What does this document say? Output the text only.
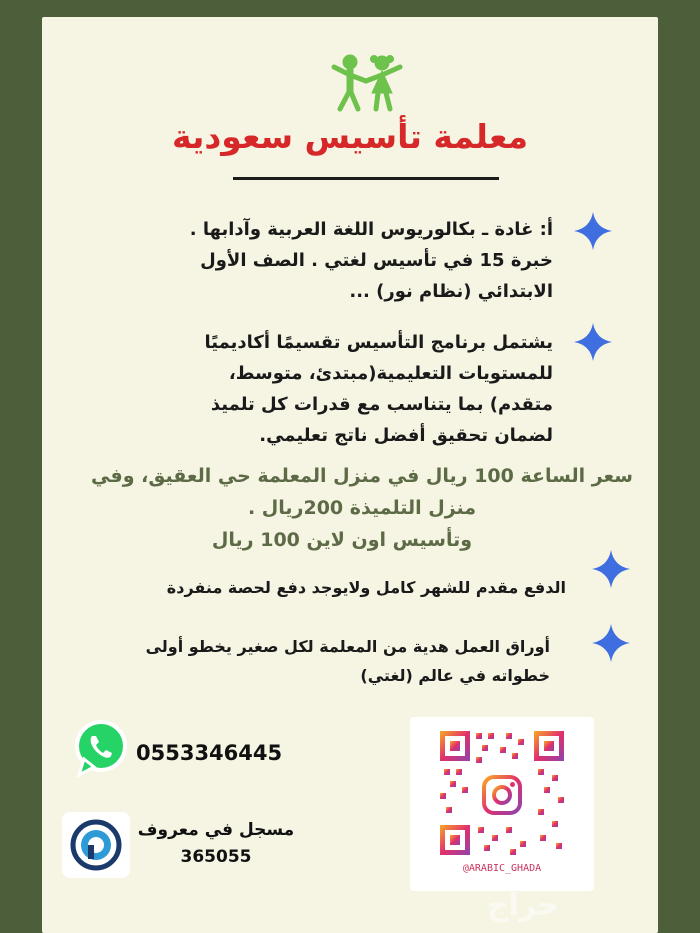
معلمة تأسيس سعودية
أ: غادة ـ بكالوريوس اللغة العربية وآدابها .
خبرة 15 في تأسيس لغتي . الصف الأول
الابتدائي (نظام نور) ...
يشتمل برنامج التأسيس تقسيمًا أكاديميًا
للمستويات التعليمية(مبتدئ، متوسط،
متقدم) بما يتناسب مع قدرات كل تلميذ
لضمان تحقيق أفضل ناتج تعليمي.
سعر الساعة 100 ريال في منزل المعلمة حي العقيق، وفي
منزل التلميذة 200ريال .
وتأسيس اون لاين 100 ريال
الدفع مقدم للشهر كامل ولايوجد دفع لحصة منفردة
أوراق العمل هدية من المعلمة لكل صغير يخطو أولى
خطواته في عالم (لغتي)
0553346445
مسجل في معروف
365055
@ARABIC_GHADA
حراج
